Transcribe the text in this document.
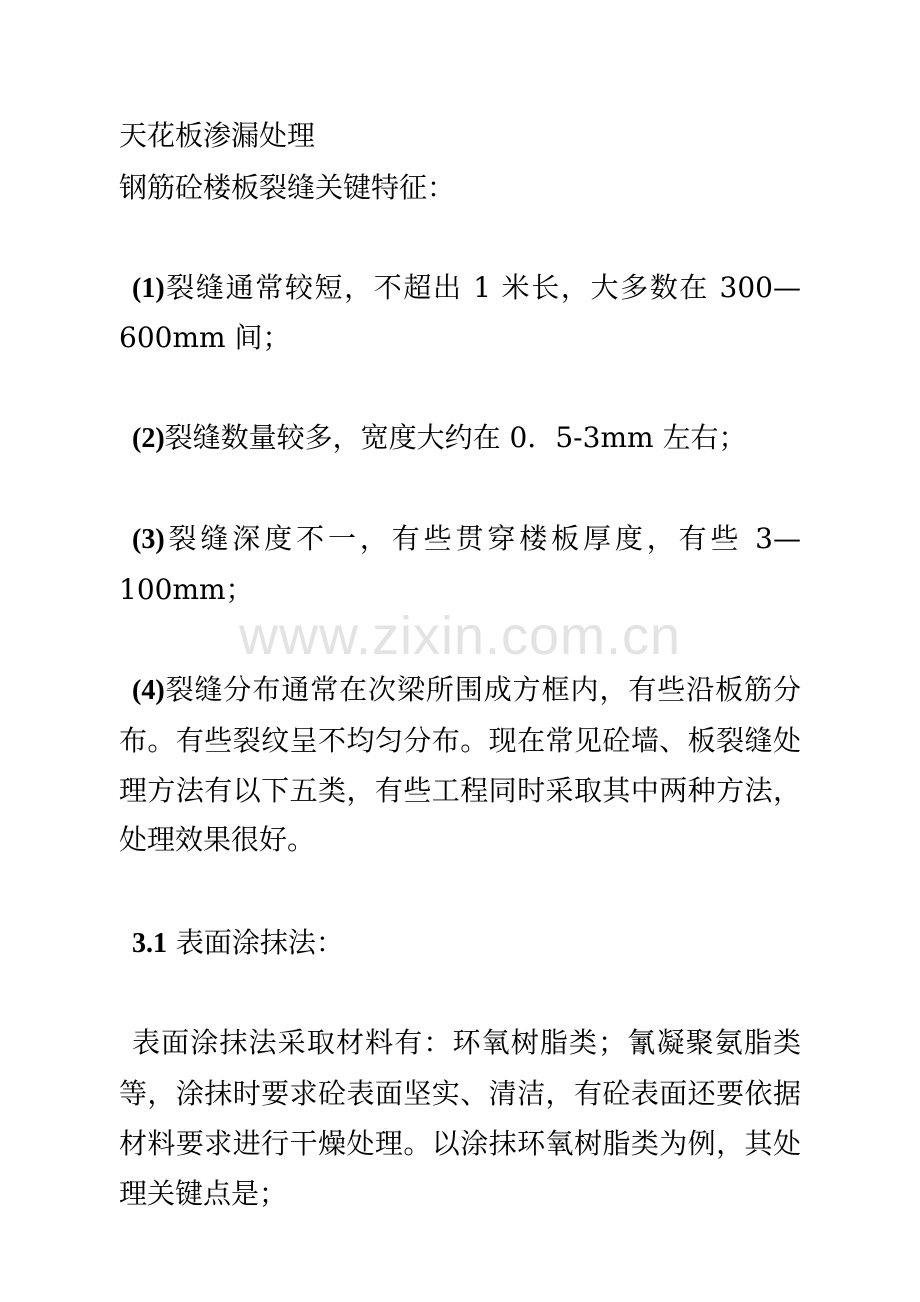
天花板渗漏处理
钢筋砼楼板裂缝关键特征：
(1)裂缝通常较短，不超出 1 米长，大多数在 300—
600mm 间；
(2)裂缝数量较多，宽度大约在 0．5-3mm 左右；
(3)裂缝深度不一，有些贯穿楼板厚度，有些 3—
100mm；
(4)裂缝分布通常在次梁所围成方框内，有些沿板筋分
布。有些裂纹呈不均匀分布。现在常见砼墙、板裂缝处
理方法有以下五类，有些工程同时采取其中两种方法，
处理效果很好。
3.1 表面涂抹法：
表面涂抹法采取材料有：环氧树脂类；氰凝聚氨脂类
等，涂抹时要求砼表面坚实、清洁，有砼表面还要依据
材料要求进行干燥处理。以涂抹环氧树脂类为例，其处
理关键点是；
www.zixin.com.cn
